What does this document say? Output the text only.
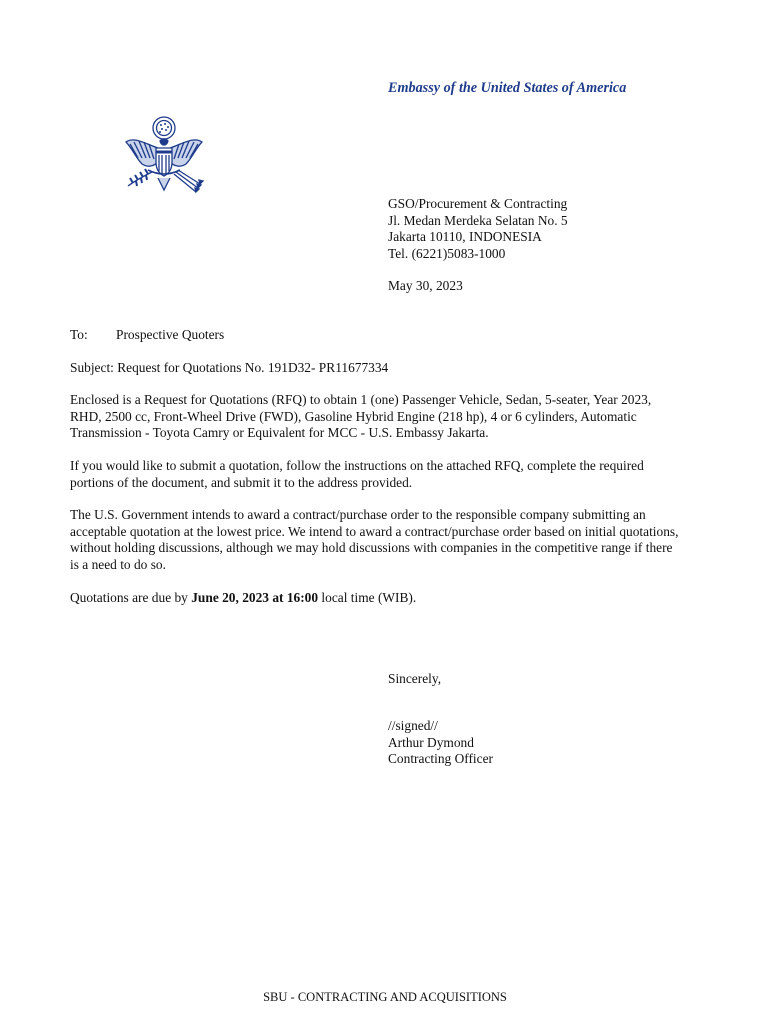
Embassy of the United States of America
GSO/Procurement & Contracting
Jl. Medan Merdeka Selatan No. 5
Jakarta 10110, INDONESIA
Tel. (6221)5083-1000
May 30, 2023
To: Prospective Quoters
Subject: Request for Quotations No. 191D32- PR11677334
Enclosed is a Request for Quotations (RFQ) to obtain 1 (one) Passenger Vehicle, Sedan, 5-seater, Year 2023, RHD, 2500 cc, Front-Wheel Drive (FWD), Gasoline Hybrid Engine (218 hp), 4 or 6 cylinders, Automatic Transmission - Toyota Camry or Equivalent for MCC - U.S. Embassy Jakarta.
If you would like to submit a quotation, follow the instructions on the attached RFQ, complete the required portions of the document, and submit it to the address provided.
The U.S. Government intends to award a contract/purchase order to the responsible company submitting an acceptable quotation at the lowest price. We intend to award a contract/purchase order based on initial quotations, without holding discussions, although we may hold discussions with companies in the competitive range if there is a need to do so.
Quotations are due by June 20, 2023 at 16:00 local time (WIB).
Sincerely,
//signed//
Arthur Dymond
Contracting Officer
SBU - CONTRACTING AND ACQUISITIONS
